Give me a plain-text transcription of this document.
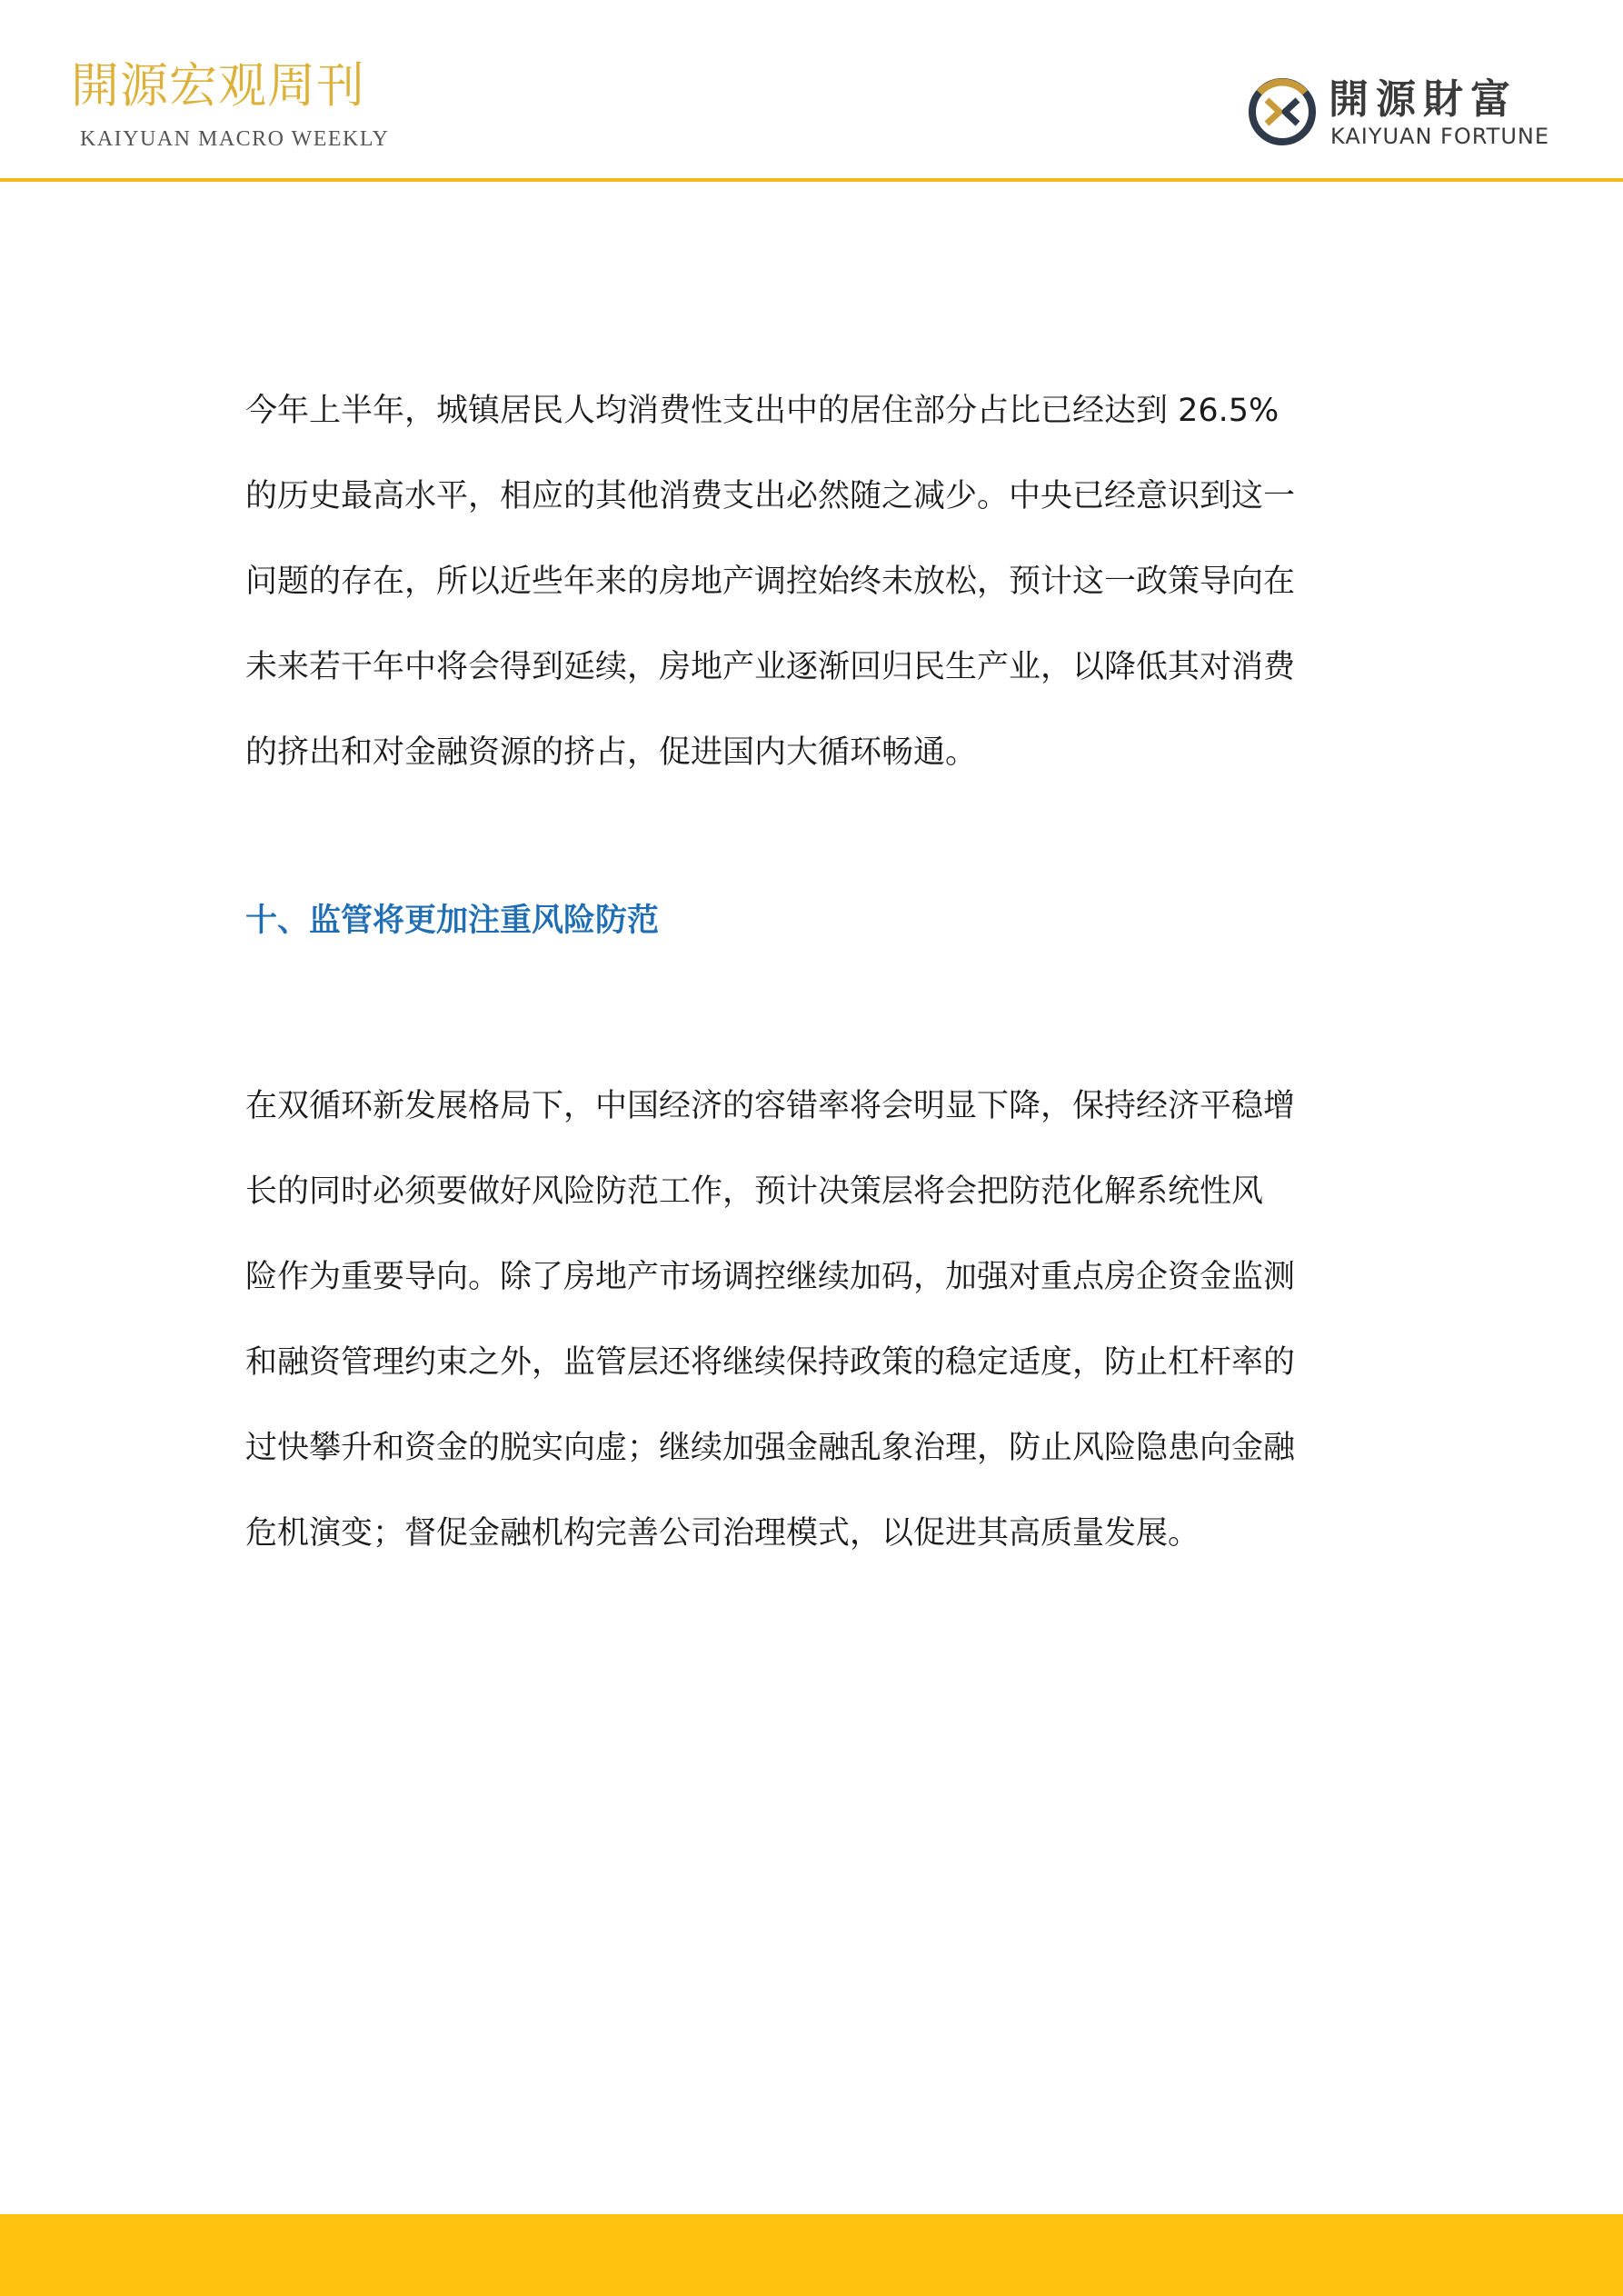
開源宏观周刊
KAIYUAN MACRO WEEKLY
開源財富
KAIYUAN FORTUNE
今年上半年，城镇居民人均消费性支出中的居住部分占比已经达到 26.5%
的历史最高水平，相应的其他消费支出必然随之减少。中央已经意识到这一
问题的存在，所以近些年来的房地产调控始终未放松，预计这一政策导向在
未来若干年中将会得到延续，房地产业逐渐回归民生产业，以降低其对消费
的挤出和对金融资源的挤占，促进国内大循环畅通。
十、监管将更加注重风险防范
在双循环新发展格局下，中国经济的容错率将会明显下降，保持经济平稳增
长的同时必须要做好风险防范工作，预计决策层将会把防范化解系统性风
险作为重要导向。除了房地产市场调控继续加码，加强对重点房企资金监测
和融资管理约束之外，监管层还将继续保持政策的稳定适度，防止杠杆率的
过快攀升和资金的脱实向虚；继续加强金融乱象治理，防止风险隐患向金融
危机演变；督促金融机构完善公司治理模式，以促进其高质量发展。
